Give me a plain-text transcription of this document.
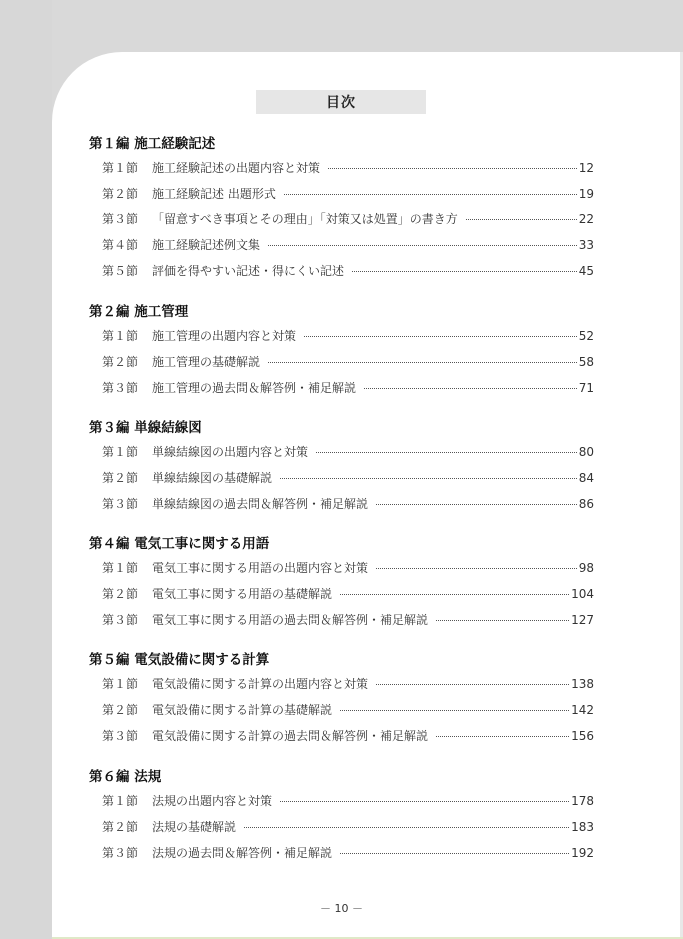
目次
第１編 施工経験記述
第１節	施工経験記述の出題内容と対策	12
第２節	施工経験記述 出題形式	19
第３節	「留意すべき事項とその理由」「対策又は処置」の書き方	22
第４節	施工経験記述例文集	33
第５節	評価を得やすい記述・得にくい記述	45
第２編 施工管理
第１節	施工管理の出題内容と対策	52
第２節	施工管理の基礎解説	58
第３節	施工管理の過去問＆解答例・補足解説	71
第３編 単線結線図
第１節	単線結線図の出題内容と対策	80
第２節	単線結線図の基礎解説	84
第３節	単線結線図の過去問＆解答例・補足解説	86
第４編 電気工事に関する用語
第１節	電気工事に関する用語の出題内容と対策	98
第２節	電気工事に関する用語の基礎解説	104
第３節	電気工事に関する用語の過去問＆解答例・補足解説	127
第５編 電気設備に関する計算
第１節	電気設備に関する計算の出題内容と対策	138
第２節	電気設備に関する計算の基礎解説	142
第３節	電気設備に関する計算の過去問＆解答例・補足解説	156
第６編 法規
第１節	法規の出題内容と対策	178
第２節	法規の基礎解説	183
第３節	法規の過去問＆解答例・補足解説	192
－ 10 －
